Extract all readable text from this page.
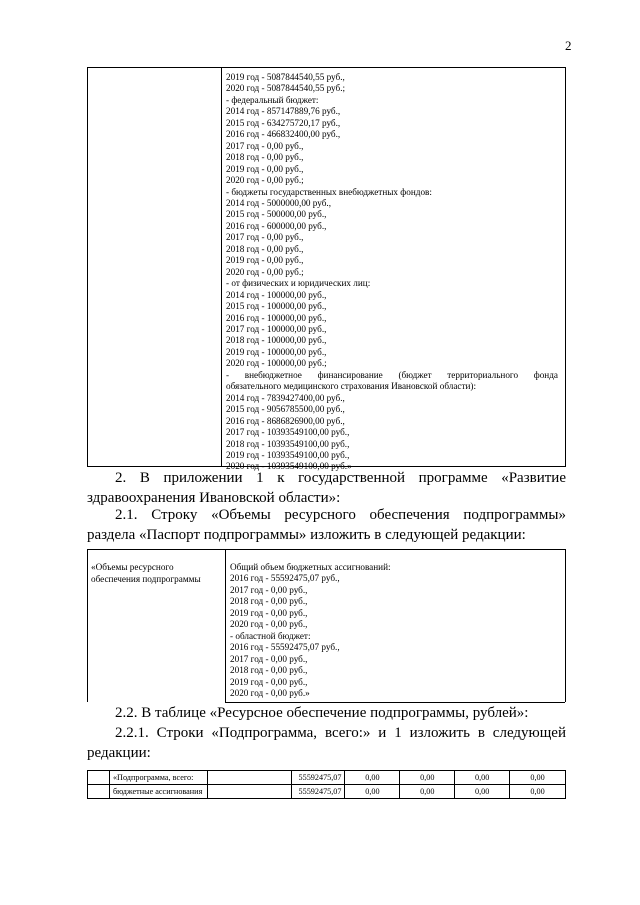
2
2019 год - 5087844540,55 руб.,
2020 год - 5087844540,55 руб.;
- федеральный бюджет:
2014 год - 857147889,76 руб.,
2015 год - 634275720,17 руб.,
2016 год - 466832400,00 руб.,
2017 год - 0,00 руб.,
2018 год - 0,00 руб.,
2019 год - 0,00 руб.,
2020 год - 0,00 руб.;
- бюджеты государственных внебюджетных фондов:
2014 год - 5000000,00 руб.,
2015 год - 500000,00 руб.,
2016 год - 600000,00 руб.,
2017 год - 0,00 руб.,
2018 год - 0,00 руб.,
2019 год - 0,00 руб.,
2020 год - 0,00 руб.;
- от физических и юридических лиц:
2014 год - 100000,00 руб.,
2015 год - 100000,00 руб.,
2016 год - 100000,00 руб.,
2017 год - 100000,00 руб.,
2018 год - 100000,00 руб.,
2019 год - 100000,00 руб.,
2020 год - 100000,00 руб.;
- внебюджетное финансирование (бюджет территориального фонда
обязательного медицинского страхования Ивановской области):
2014 год - 7839427400,00 руб.,
2015 год - 9056785500,00 руб.,
2016 год - 8686826900,00 руб.,
2017 год - 10393549100,00 руб.,
2018 год - 10393549100,00 руб.,
2019 год - 10393549100,00 руб.,
2020 год - 10393549100,00 руб.»
2. В приложении 1 к государственной программе «Развитие
здравоохранения Ивановской области»:
2.1. Строку «Объемы ресурсного обеспечения подпрограммы»
раздела «Паспорт подпрограммы» изложить в следующей редакции:
«Объемы ресурсного обеспечения подпрограммы
Общий объем бюджетных ассигнований:
2016 год - 55592475,07 руб.,
2017 год - 0,00 руб.,
2018 год - 0,00 руб.,
2019 год - 0,00 руб.,
2020 год - 0,00 руб.,
- областной бюджет:
2016 год - 55592475,07 руб.,
2017 год - 0,00 руб.,
2018 год - 0,00 руб.,
2019 год - 0,00 руб.,
2020 год - 0,00 руб.»
2.2. В таблице «Ресурсное обеспечение подпрограммы, рублей»:
2.2.1. Строки «Подпрограмма, всего:» и 1 изложить в следующей
редакции:
	«Подпрограмма, всего:		55592475,07	0,00	0,00	0,00	0,00
	бюджетные ассигнования		55592475,07	0,00	0,00	0,00	0,00
